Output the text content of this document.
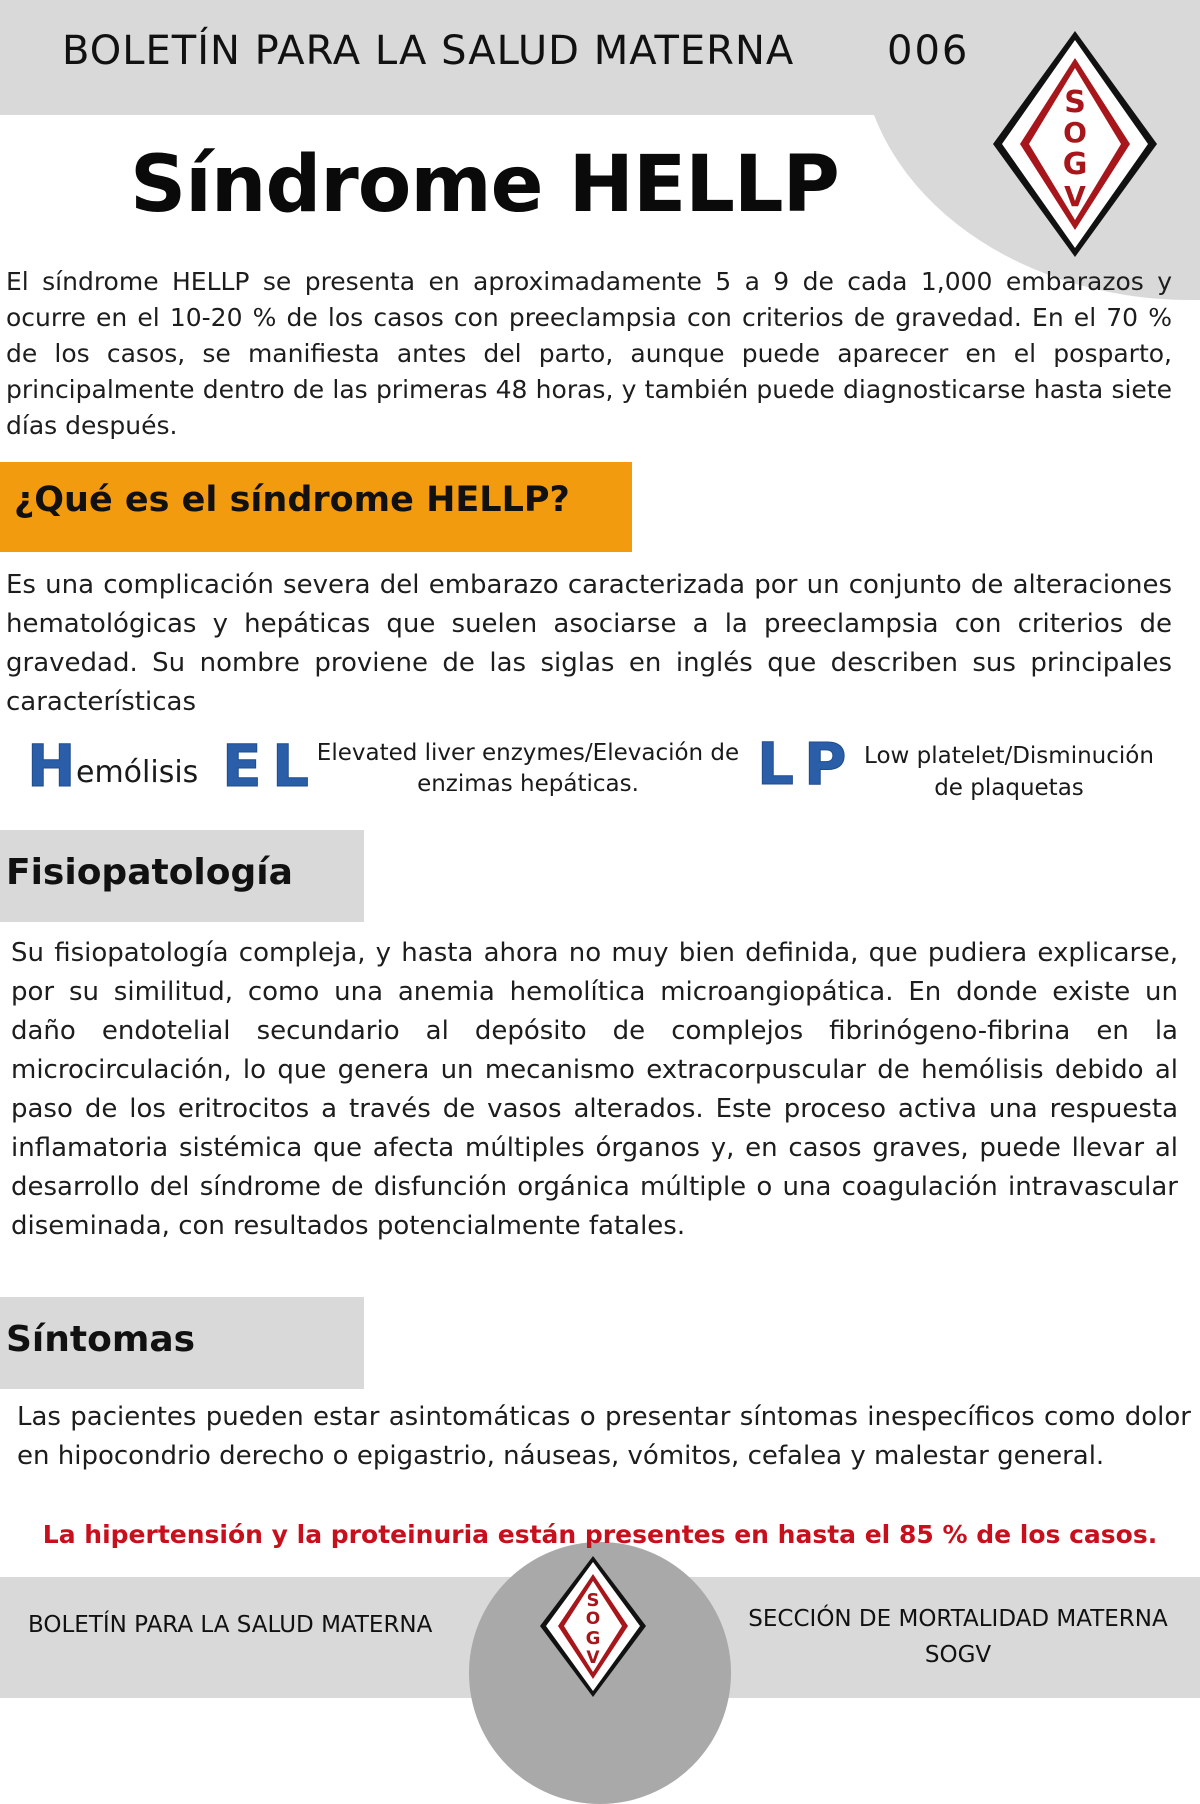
BOLETÍN PARA LA SALUD MATERNA 006
S
O
G
V
Síndrome HELLP
El síndrome HELLP se presenta en aproximadamente 5 a 9 de cada 1,000 embarazos y ocurre en el 10-20 % de los casos con preeclampsia con criterios de gravedad. En el 70 % de los casos, se manifiesta antes del parto, aunque puede aparecer en el posparto, principalmente dentro de las primeras 48 horas, y también puede diagnosticarse hasta siete días después.
¿Qué es el síndrome HELLP?
Es una complicación severa del embarazo caracterizada por un conjunto de alteraciones hematológicas y hepáticas que suelen asociarse a la preeclampsia con criterios de gravedad. Su nombre proviene de las siglas en inglés que describen sus principales características
H emólisis E L Elevated liver enzymes/Elevación de enzimas hepáticas.	L P Low platelet/Disminución de plaquetas
Fisiopatología
Su fisiopatología compleja, y hasta ahora no muy bien definida, que pudiera explicarse, por su similitud, como una anemia hemolítica microangiopática. En donde existe un daño endotelial secundario al depósito de complejos fibrinógeno-fibrina en la microcirculación, lo que genera un mecanismo extracorpuscular de hemólisis debido al paso de los eritrocitos a través de vasos alterados. Este proceso activa una respuesta inflamatoria sistémica que afecta múltiples órganos y, en casos graves, puede llevar al desarrollo del síndrome de disfunción orgánica múltiple o una coagulación intravascular diseminada, con resultados potencialmente fatales.
Síntomas
Las pacientes pueden estar asintomáticas o presentar síntomas inespecíficos como dolor en hipocondrio derecho o epigastrio, náuseas, vómitos, cefalea y malestar general.
La hipertensión y la proteinuria están presentes en hasta el 85 % de los casos.
BOLETÍN PARA LA SALUD MATERNA	SECCIÓN DE MORTALIDAD MATERNA
SOGV
S
O
G
V
